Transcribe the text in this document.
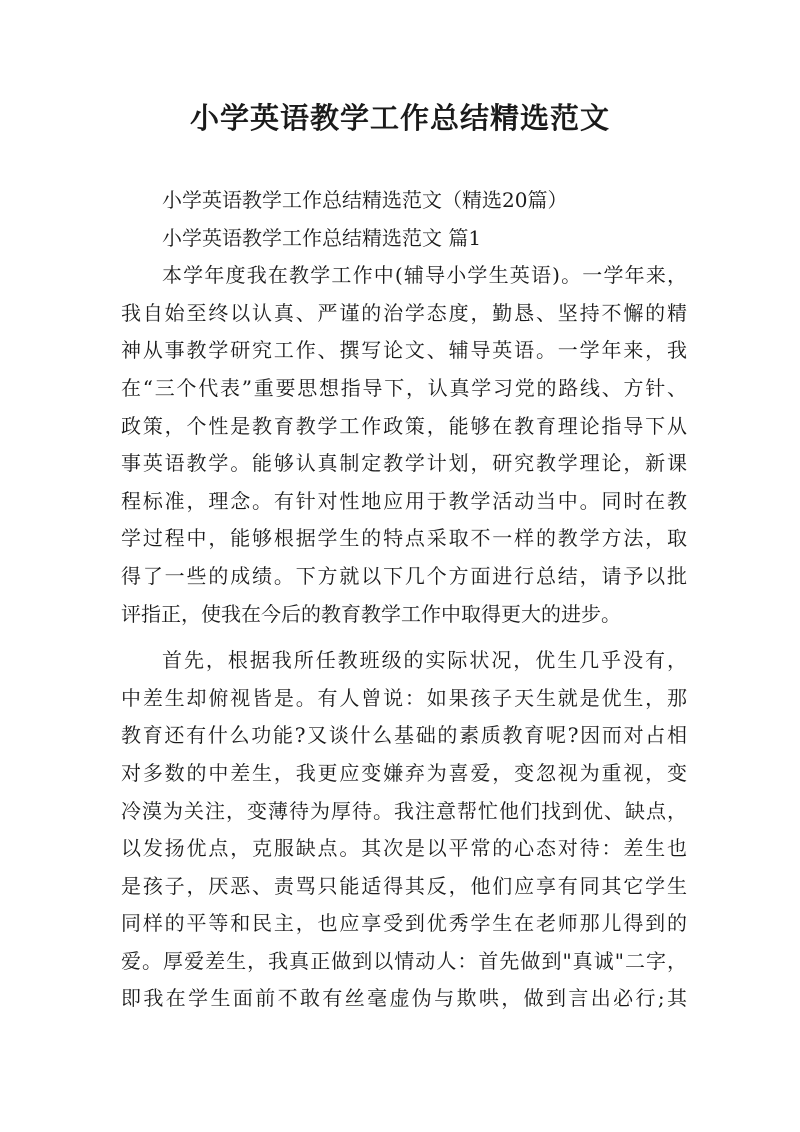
小学英语教学工作总结精选范文
小学英语教学工作总结精选范文（精选20篇）
小学英语教学工作总结精选范文 篇1
本学年度我在教学工作中(辅导小学生英语)。一学年来，
我自始至终以认真、严谨的治学态度，勤恳、坚持不懈的精
神从事教学研究工作、撰写论文、辅导英语。一学年来，我
在“三个代表”重要思想指导下，认真学习党的路线、方针、
政策，个性是教育教学工作政策，能够在教育理论指导下从
事英语教学。能够认真制定教学计划，研究教学理论，新课
程标准，理念。有针对性地应用于教学活动当中。同时在教
学过程中，能够根据学生的特点采取不一样的教学方法，取
得了一些的成绩。下方就以下几个方面进行总结，请予以批
评指正，使我在今后的教育教学工作中取得更大的进步。
首先，根据我所任教班级的实际状况，优生几乎没有，
中差生却俯视皆是。有人曾说：如果孩子天生就是优生，那
教育还有什么功能?又谈什么基础的素质教育呢?因而对占相
对多数的中差生，我更应变嫌弃为喜爱，变忽视为重视，变
冷漠为关注，变薄待为厚待。我注意帮忙他们找到优、缺点，
以发扬优点，克服缺点。其次是以平常的心态对待：差生也
是孩子，厌恶、责骂只能适得其反，他们应享有同其它学生
同样的平等和民主，也应享受到优秀学生在老师那儿得到的
爱。厚爱差生，我真正做到以情动人：首先做到"真诚"二字，
即我在学生面前不敢有丝毫虚伪与欺哄，做到言出必行;其
